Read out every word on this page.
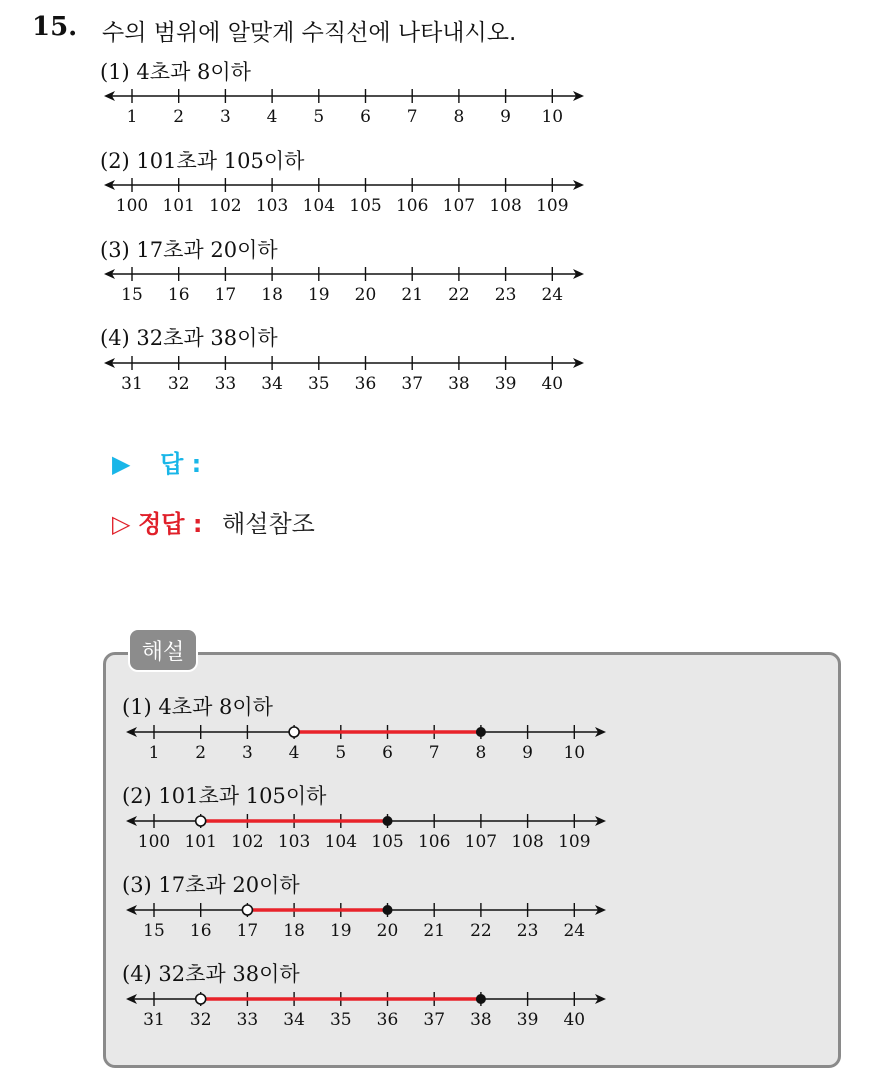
15. 수의 범위에 알맞게 수직선에 나타내시오.
(1) 4초과 8이하
1 2 3 4 5 6 7 8 9 10
(2) 101초과 105이하
100 101 102 103 104 105 106 107 108 109
(3) 17초과 20이하
15 16 17 18 19 20 21 22 23 24
(4) 32초과 38이하
31 32 33 34 35 36 37 38 39 40
▶ 답 :
▷ 정답 : 해설참조
해설
(1) 4초과 8이하
1 2 3 4 5 6 7 8 9 10
(2) 101초과 105이하
100 101 102 103 104 105 106 107 108 109
(3) 17초과 20이하
15 16 17 18 19 20 21 22 23 24
(4) 32초과 38이하
31 32 33 34 35 36 37 38 39 40
